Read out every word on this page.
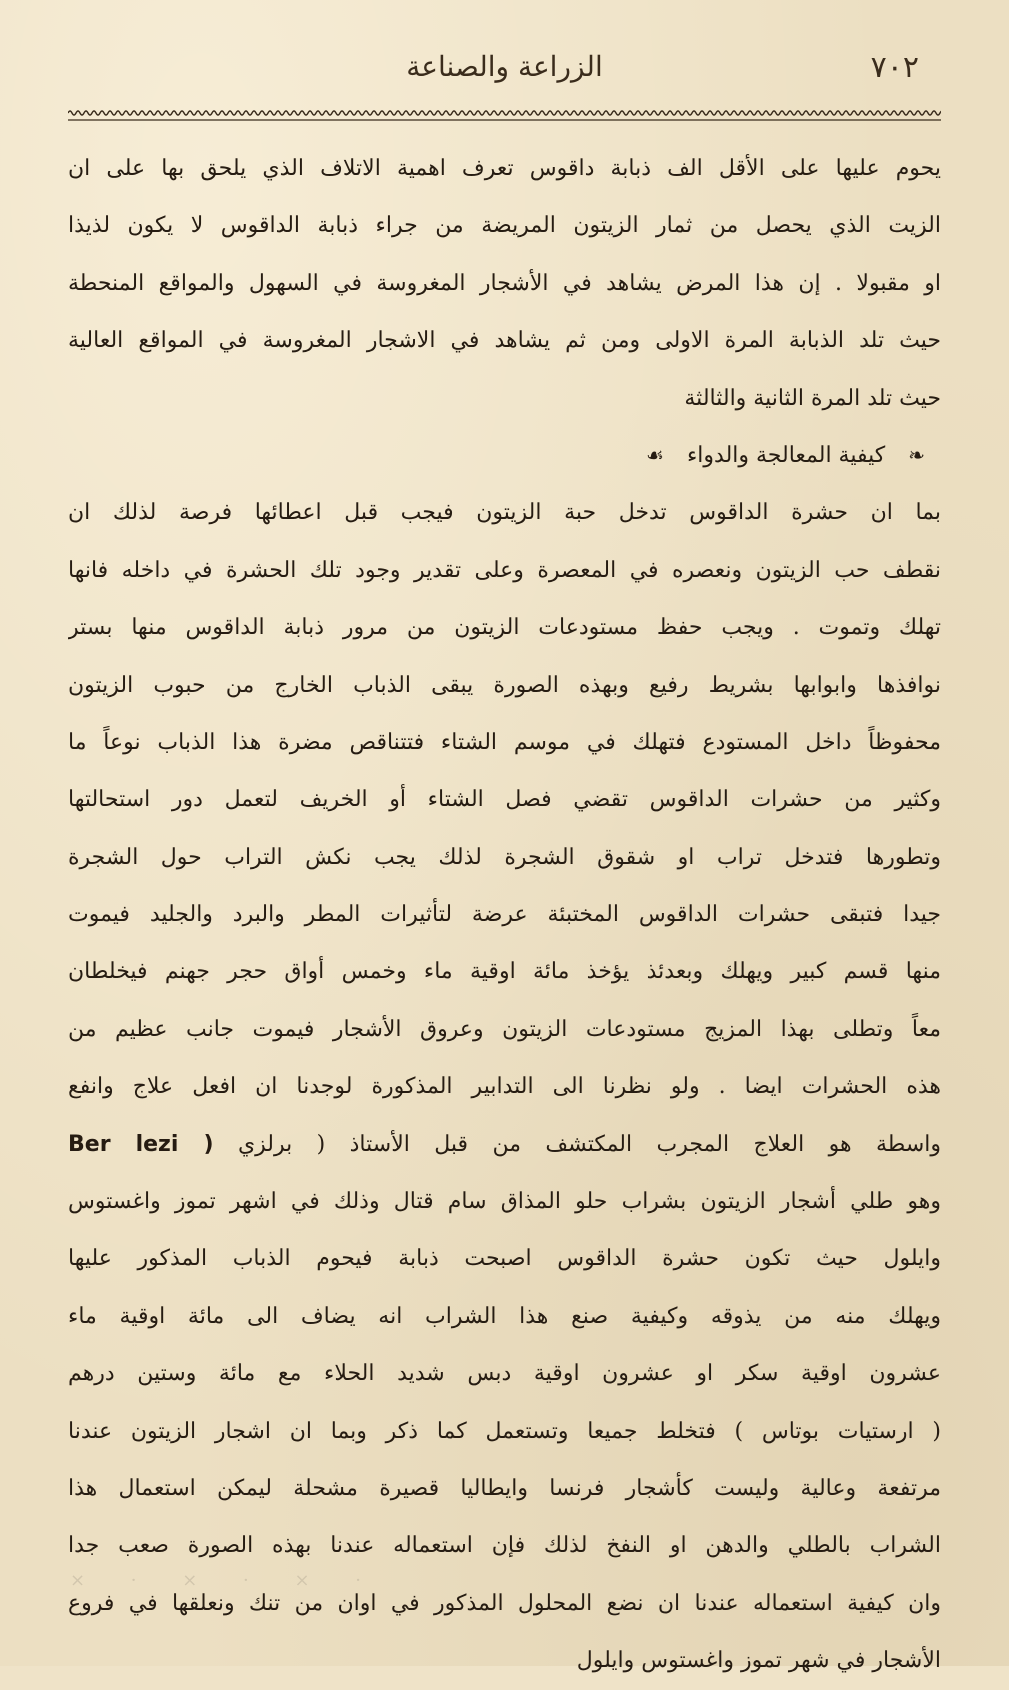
٧٠٢
الزراعة والصناعة
يحوم عليها على الأقل الف ذبابة داقوس تعرف اهمية الاتلاف الذي يلحق بها على ان
الزيت الذي يحصل من ثمار الزيتون المريضة من جراء ذبابة الداقوس لا يكون لذيذا
او مقبولا . إن هذا المرض يشاهد في الأشجار المغروسة في السهول والمواقع المنحطة
حيث تلد الذبابة المرة الاولى ومن ثم يشاهد في الاشجار المغروسة في المواقع العالية
حيث تلد المرة الثانية والثالثة
❧ كيفية المعالجة والدواء ☙
بما ان حشرة الداقوس تدخل حبة الزيتون فيجب قبل اعطائها فرصة لذلك ان
نقطف حب الزيتون ونعصره في المعصرة وعلى تقدير وجود تلك الحشرة في داخله فانها
تهلك وتموت . ويجب حفظ مستودعات الزيتون من مرور ذبابة الداقوس منها بستر
نوافذها وابوابها بشريط رفيع وبهذه الصورة يبقى الذباب الخارج من حبوب الزيتون
محفوظاً داخل المستودع فتهلك في موسم الشتاء فتتناقص مضرة هذا الذباب نوعاً ما
وكثير من حشرات الداقوس تقضي فصل الشتاء أو الخريف لتعمل دور استحالتها
وتطورها فتدخل تراب او شقوق الشجرة لذلك يجب نكش التراب حول الشجرة
جيدا فتبقى حشرات الداقوس المختبئة عرضة لتأثيرات المطر والبرد والجليد فيموت
منها قسم كبير ويهلك وبعدئذ يؤخذ مائة اوقية ماء وخمس أواق حجر جهنم فيخلطان
معاً وتطلى بهذا المزيج مستودعات الزيتون وعروق الأشجار فيموت جانب عظيم من
هذه الحشرات ايضا . ولو نظرنا الى التدابير المذكورة لوجدنا ان افعل علاج وانفع
واسطة هو العلاج المجرب المكتشف من قبل الأستاذ ( برلزي Ber lezi )
وهو طلي أشجار الزيتون بشراب حلو المذاق سام قتال وذلك في اشهر تموز واغستوس
وايلول حيث تكون حشرة الداقوس اصبحت ذبابة فيحوم الذباب المذكور عليها
ويهلك منه من يذوقه وكيفية صنع هذا الشراب انه يضاف الى مائة اوقية ماء
عشرون اوقية سكر او عشرون اوقية دبس شديد الحلاء مع مائة وستين درهم
( ارستيات بوتاس ) فتخلط جميعا وتستعمل كما ذكر وبما ان اشجار الزيتون عندنا
مرتفعة وعالية وليست كأشجار فرنسا وايطاليا قصيرة مشحلة ليمكن استعمال هذا
الشراب بالطلي والدهن او النفخ لذلك فإن استعماله عندنا بهذه الصورة صعب جدا
وان كيفية استعماله عندنا ان نضع المحلول المذكور في اوان من تنك ونعلقها في فروع
الأشجار في شهر تموز واغستوس وايلول
× · × · × ·
